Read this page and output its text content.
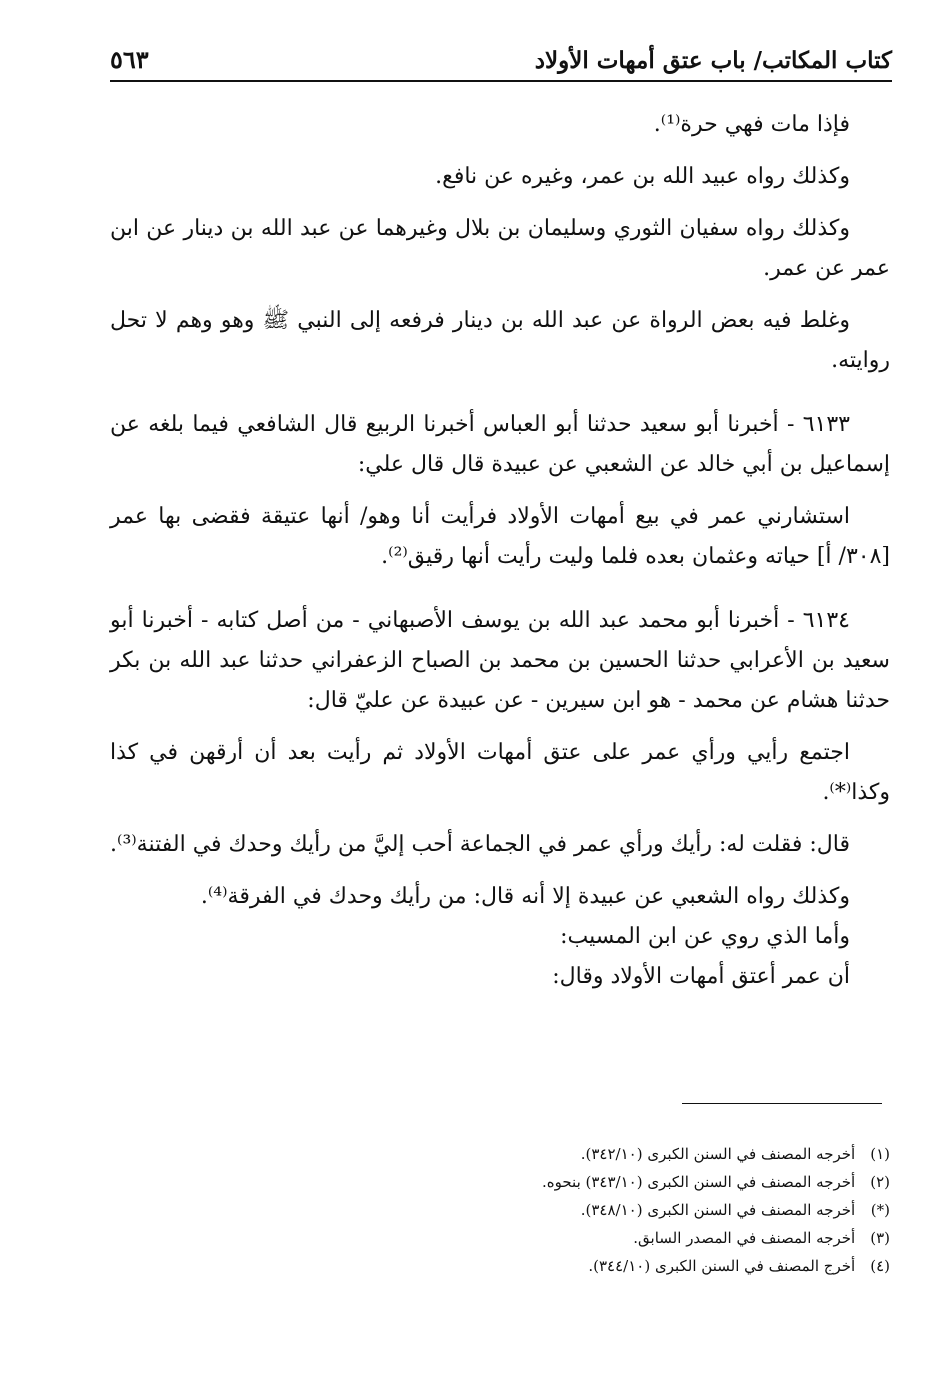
كتاب المكاتب/ باب عتق أمهات الأولاد
٥٦٣

فإذا مات فهي حرة⁽¹⁾.

وكذلك رواه عبيد الله بن عمر، وغيره عن نافع.

وكذلك رواه سفيان الثوري وسليمان بن بلال وغيرهما عن عبد الله بن دينار عن ابن عمر عن عمر.

وغلط فيه بعض الرواة عن عبد الله بن دينار فرفعه إلى النبي ﷺ وهو وهم لا تحل روايته.

٦١٣٣ - أخبرنا أبو سعيد حدثنا أبو العباس أخبرنا الربيع قال الشافعي فيما بلغه عن إسماعيل بن أبي خالد عن الشعبي عن عبيدة قال قال علي:

استشارني عمر في بيع أمهات الأولاد فرأيت أنا وهو/ أنها عتيقة فقضى بها عمر [٣٠٨/ أ] حياته وعثمان بعده فلما وليت رأيت أنها رقيق⁽²⁾.

٦١٣٤ - أخبرنا أبو محمد عبد الله بن يوسف الأصبهاني - من أصل كتابه - أخبرنا أبو سعيد بن الأعرابي حدثنا الحسين بن محمد بن الصباح الزعفراني حدثنا عبد الله بن بكر حدثنا هشام عن محمد - هو ابن سيرين - عن عبيدة عن عليّ قال:

اجتمع رأيي ورأي عمر على عتق أمهات الأولاد ثم رأيت بعد أن أرقهن في كذا وكذا⁽*⁾.

قال: فقلت له: رأيك ورأي عمر في الجماعة أحب إليَّ من رأيك وحدك في الفتنة⁽³⁾.

وكذلك رواه الشعبي عن عبيدة إلا أنه قال: من رأيك وحدك في الفرقة⁽⁴⁾.

وأما الذي روي عن ابن المسيب:

أن عمر أعتق أمهات الأولاد وقال:

(١) أخرجه المصنف في السنن الكبرى (٣٤٢/١٠).

(٢) أخرجه المصنف في السنن الكبرى (٣٤٣/١٠) بنحوه.

(*) أخرجه المصنف في السنن الكبرى (٣٤٨/١٠).

(٣) أخرجه المصنف في المصدر السابق.

(٤) أخرج المصنف في السنن الكبرى (٣٤٤/١٠).
